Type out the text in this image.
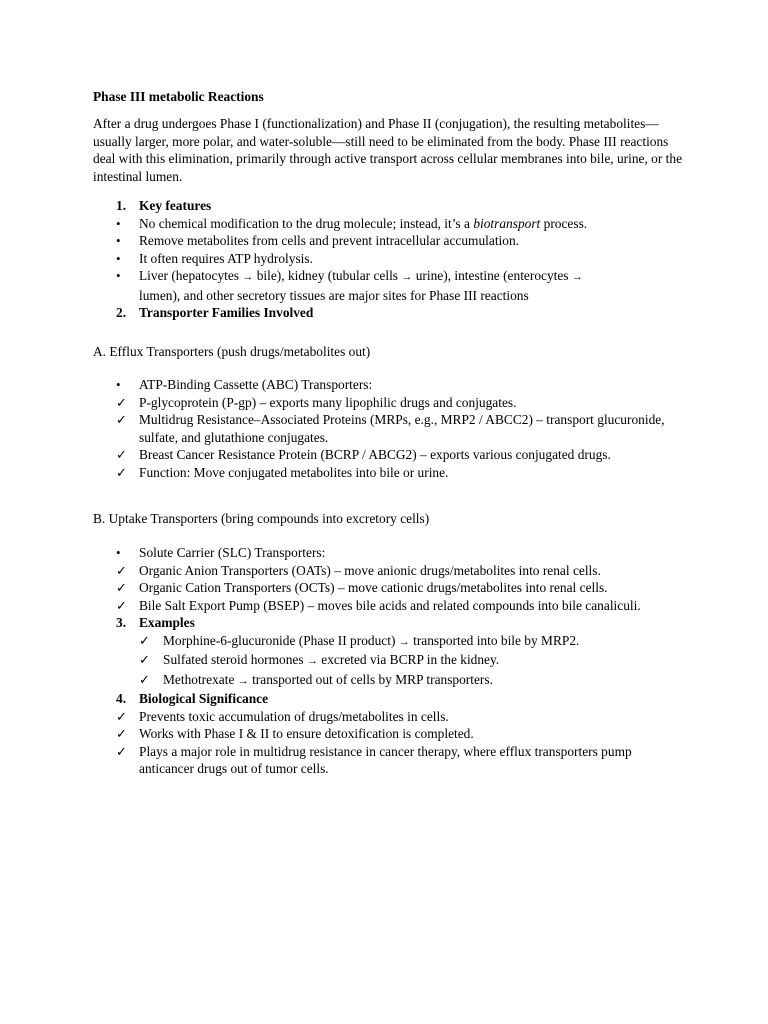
Phase III metabolic Reactions
After a drug undergoes Phase I (functionalization) and Phase II (conjugation), the resulting metabolites—usually larger, more polar, and water-soluble—still need to be eliminated from the body. Phase III reactions deal with this elimination, primarily through active transport across cellular membranes into bile, urine, or the intestinal lumen.
1. Key features
• No chemical modification to the drug molecule; instead, it’s a biotransport process.
• Remove metabolites from cells and prevent intracellular accumulation.
• It often requires ATP hydrolysis.
• Liver (hepatocytes → bile), kidney (tubular cells → urine), intestine (enterocytes →
lumen), and other secretory tissues are major sites for Phase III reactions
2. Transporter Families Involved
A. Efflux Transporters (push drugs/metabolites out)
• ATP-Binding Cassette (ABC) Transporters:
✓ P-glycoprotein (P-gp) – exports many lipophilic drugs and conjugates.
✓ Multidrug Resistance–Associated Proteins (MRPs, e.g., MRP2 / ABCC2) – transport glucuronide, sulfate, and glutathione conjugates.
✓ Breast Cancer Resistance Protein (BCRP / ABCG2) – exports various conjugated drugs.
✓ Function: Move conjugated metabolites into bile or urine.
B. Uptake Transporters (bring compounds into excretory cells)
• Solute Carrier (SLC) Transporters:
✓ Organic Anion Transporters (OATs) – move anionic drugs/metabolites into renal cells.
✓ Organic Cation Transporters (OCTs) – move cationic drugs/metabolites into renal cells.
✓ Bile Salt Export Pump (BSEP) – moves bile acids and related compounds into bile canaliculi.
3. Examples
✓ Morphine-6-glucuronide (Phase II product) → transported into bile by MRP2.
✓ Sulfated steroid hormones → excreted via BCRP in the kidney.
✓ Methotrexate → transported out of cells by MRP transporters.
4. Biological Significance
✓ Prevents toxic accumulation of drugs/metabolites in cells.
✓ Works with Phase I & II to ensure detoxification is completed.
✓ Plays a major role in multidrug resistance in cancer therapy, where efflux transporters pump anticancer drugs out of tumor cells.
